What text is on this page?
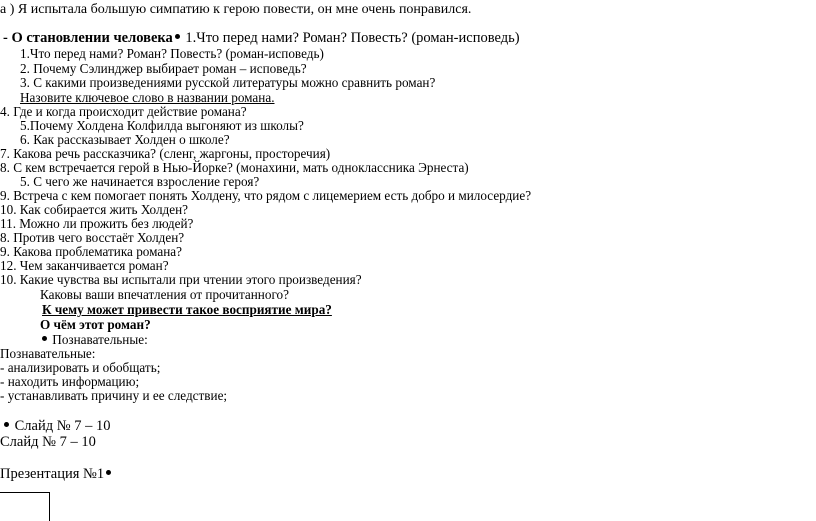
а ) Я испытала большую симпатию к герою повести, он мне очень понравился.
- О становлении человека 1.Что перед нами? Роман? Повесть? (роман-исповедь)
1.Что перед нами? Роман? Повесть? (роман-исповедь)
2. Почему Сэлинджер выбирает роман – исповедь?
3. С какими произведениями русской литературы можно сравнить роман?
Назовите ключевое слово в названии романа.
4. Где и когда происходит действие романа?
5.Почему Холдена Колфилда выгоняют из школы?
6. Как рассказывает Холден о школе?
7. Какова речь рассказчика? (сленг, жаргоны, просторечия)
8. С кем встречается герой в Нью-Йорке? (монахини, мать одноклассника Эрнеста)
5. С чего же начинается взросление героя?
9. Встреча с кем помогает понять Холдену, что рядом с лицемерием есть добро и милосердие?
10. Как собирается жить Холден?
11. Можно ли прожить без людей?
8. Против чего восстаёт Холден?
9. Какова проблематика романа?
12. Чем заканчивается роман?
10. Какие чувства вы испытали при чтении этого произведения?
Каковы ваши впечатления от прочитанного?
К чему может привести такое восприятие мира?
О чём этот роман?
Познавательные:
Познавательные:
- анализировать и обобщать;
- находить информацию;
- устанавливать причину и ее следствие;
Слайд № 7 – 10
Слайд № 7 – 10
Презентация №1
